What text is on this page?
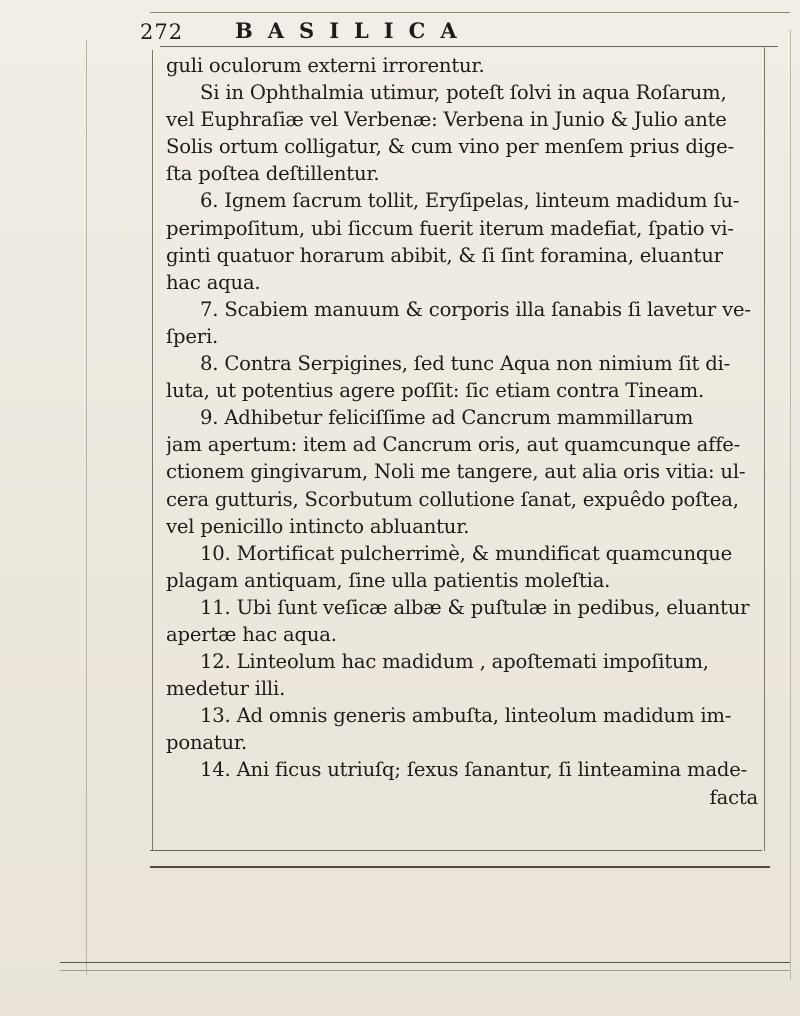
272 BASILICA
guli oculorum externi irrorentur.
Si in Ophthalmia utimur, poteſt ſolvi in aqua Roſarum,
vel Euphraſiæ vel Verbenæ: Verbena in Junio & Julio ante
Solis ortum colligatur, & cum vino per menſem prius dige-
ſta poſtea deſtillentur.
6. Ignem ſacrum tollit, Eryſipelas, linteum madidum ſu-
perimpoſitum, ubi ſiccum fuerit iterum madefiat, ſpatio vi-
ginti quatuor horarum abibit, & ſi ſint foramina, eluantur
hac aqua.
7. Scabiem manuum & corporis illa ſanabis ſi lavetur ve-
ſperi.
8. Contra Serpigines, ſed tunc Aqua non nimium ſit di-
luta, ut potentius agere poſſit: ſic etiam contra Tineam.
9. Adhibetur feliciſſime ad Cancrum mammillarum
jam apertum: item ad Cancrum oris, aut quamcunque affe-
ctionem gingivarum, Noli me tangere, aut alia oris vitia: ul-
cera gutturis, Scorbutum collutione ſanat, expuêdo poſtea,
vel penicillo intincto abluantur.
10. Mortificat pulcherrimè, & mundificat quamcunque
plagam antiquam, ſine ulla patientis moleſtia.
11. Ubi ſunt veſicæ albæ & puſtulæ in pedibus, eluantur
apertæ hac aqua.
12. Linteolum hac madidum , apoſtemati impoſitum,
medetur illi.
13. Ad omnis generis ambuſta, linteolum madidum im-
ponatur.
14. Ani ficus utriuſq; ſexus ſanantur, ſi linteamina made-
facta
